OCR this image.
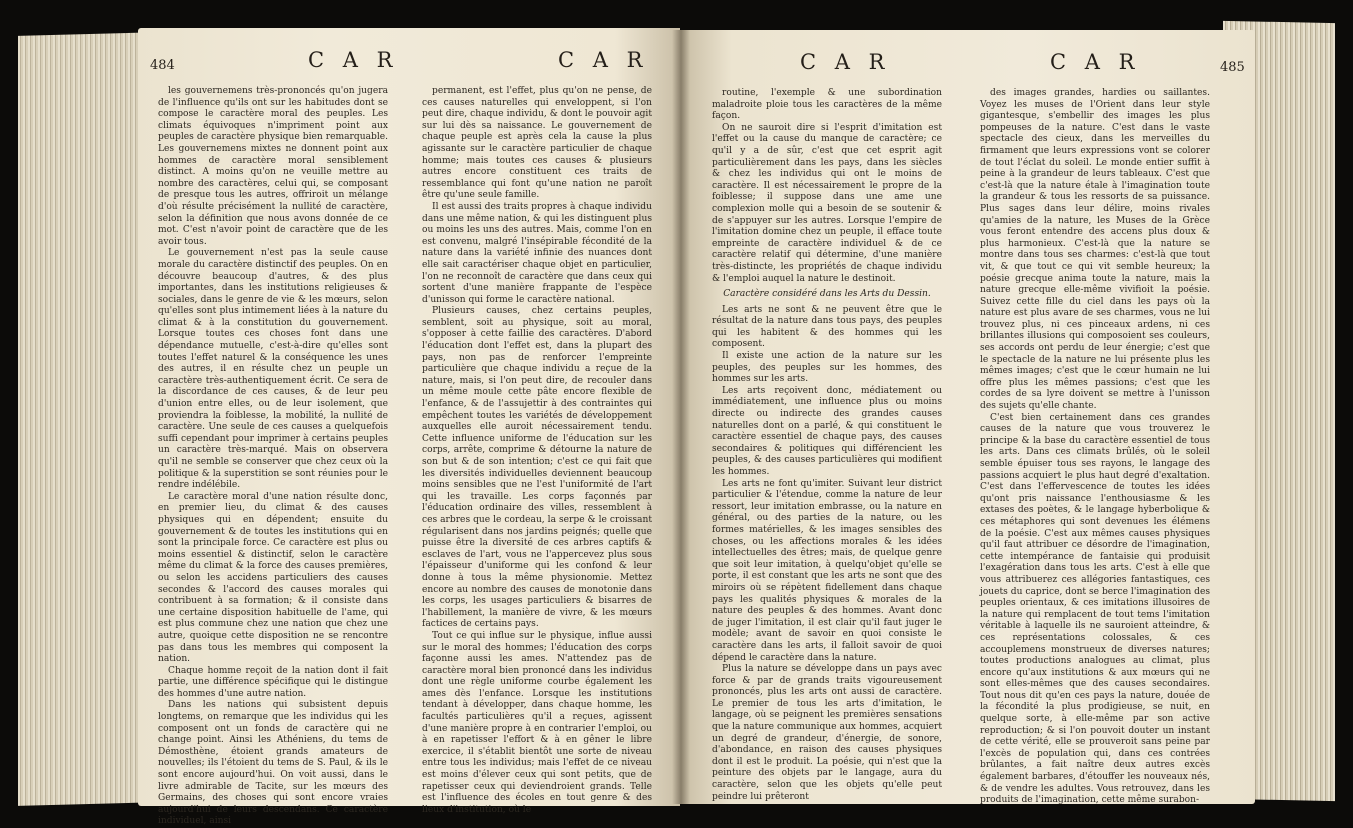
484	C A R	C A R

les gouvernemens très-prononcés qu'on jugera de l'influence qu'ils ont sur les habitudes dont se compose le caractère moral des peuples. Les climats équivoques n'impriment point aux peuples de caractère physique bien remarquable. Les gouvernemens mixtes ne donnent point aux hommes de caractère moral sensiblement distinct. A moins qu'on ne veuille mettre au nombre des caractères, celui qui, se composant de presque tous les autres, offriroit un mélange d'où résulte précisément la nullité de caractère, selon la définition que nous avons donnée de ce mot. C'est n'avoir point de caractère que de les avoir tous.

Le gouvernement n'est pas la seule cause morale du caractère distinctif des peuples. On en découvre beaucoup d'autres, & des plus importantes, dans les institutions religieuses & sociales, dans le genre de vie & les mœurs, selon qu'elles sont plus intimement liées à la nature du climat & à la constitution du gouvernement. Lorsque toutes ces choses font dans une dépendance mutuelle, c'est-à-dire qu'elles sont toutes l'effet naturel & la conséquence les unes des autres, il en résulte chez un peuple un caractère très-authentiquement écrit. Ce sera de la discordance de ces causes, & de leur peu d'union entre elles, ou de leur isolement, que proviendra la foiblesse, la mobilité, la nullité de caractère. Une seule de ces causes a quelquefois suffi cependant pour imprimer à certains peuples un caractère très-marqué. Mais on observera qu'il ne semble se conserver que chez ceux où la politique & la superstition se sont réunies pour le rendre indélébile.

Le caractère moral d'une nation résulte donc, en premier lieu, du climat & des causes physiques qui en dépendent; ensuite du gouvernement & de toutes les institutions qui en sont la principale force. Ce caractère est plus ou moins essentiel & distinctif, selon le caractère même du climat & la force des causes premières, ou selon les accidens particuliers des causes secondes & l'accord des causes morales qui contribuent à sa formation; & il consiste dans une certaine disposition habituelle de l'ame, qui est plus commune chez une nation que chez une autre, quoique cette disposition ne se rencontre pas dans tous les membres qui composent la nation.

Chaque homme reçoit de la nation dont il fait partie, une différence spécifique qui le distingue des hommes d'une autre nation.

Dans les nations qui subsistent depuis longtems, on remarque que les individus qui les composent ont un fonds de caractère qui ne change point. Ainsi les Athéniens, du tems de Démosthène, étoient grands amateurs de nouvelles; ils l'étoient du tems de S. Paul, & ils le sont encore aujourd'hui. On voit aussi, dans le livre admirable de Tacite, sur les mœurs des Germains, des choses qui sont encore vraies aujourd'hui de leurs descendans. Ce caractère individuel, ainsi

permanent, est l'effet, plus qu'on ne pense, de ces causes naturelles qui enveloppent, si l'on peut dire, chaque individu, & dont le pouvoir agit sur lui dès sa naissance. Le gouvernement de chaque peuple est après cela la cause la plus agissante sur le caractère particulier de chaque homme; mais toutes ces causes & plusieurs autres encore constituent ces traits de ressemblance qui font qu'une nation ne paroît être qu'une seule famille.

Il est aussi des traits propres à chaque individu dans une même nation, & qui les distinguent plus ou moins les uns des autres. Mais, comme l'on en est convenu, malgré l'insépirable fécondité de la nature dans la variété infinie des nuances dont elle sait caractériser chaque objet en particulier, l'on ne reconnoît de caractère que dans ceux qui sortent d'une manière frappante de l'espèce d'unisson qui forme le caractère national.

Plusieurs causes, chez certains peuples, semblent, soit au physique, soit au moral, s'opposer à cette faillie des caractères. D'abord l'éducation dont l'effet est, dans la plupart des pays, non pas de renforcer l'empreinte particulière que chaque individu a reçue de la nature, mais, si l'on peut dire, de recouler dans un même moule cette pâte encore flexible de l'enfance, & de l'assujettir à des contraintes qui empêchent toutes les variétés de développement auxquelles elle auroit nécessairement tendu. Cette influence uniforme de l'éducation sur les corps, arrête, comprime & détourne la nature de son but & de son intention; c'est ce qui fait que les diversités individuelles deviennent beaucoup moins sensibles que ne l'est l'uniformité de l'art qui les travaille. Les corps façonnés par l'éducation ordinaire des villes, ressemblent à ces arbres que le cordeau, la serpe & le croissant régularisent dans nos jardins peignés; quelle que puisse être la diversité de ces arbres captifs & esclaves de l'art, vous ne l'appercevez plus sous l'épaisseur d'uniforme qui les confond & leur donne à tous la même physionomie. Mettez encore au nombre des causes de monotonie dans les corps, les usages particuliers & bisarres de l'habillement, la manière de vivre, & les mœurs factices de certains pays.

Tout ce qui influe sur le physique, influe aussi sur le moral des hommes; l'éducation des corps façonne aussi les ames. N'attendez pas de caractère moral bien prononcé dans les individus dont une règle uniforme courbe également les ames dès l'enfance. Lorsque les institutions tendant à développer, dans chaque homme, les facultés particulières qu'il a reçues, agissent d'une manière propre à en contrarier l'emploi, ou à en rapetisser l'effort & à en gêner le libre exercice, il s'établit bientôt une sorte de niveau entre tous les individus; mais l'effet de ce niveau est moins d'élever ceux qui sont petits, que de rapetisser ceux qui deviendroient grands. Telle est l'influence des écoles en tout genre & des lieux d'institution, où le

C A R	C A R	485

routine, l'exemple & une subordination maladroite ploie tous les caractères de la même façon.

On ne sauroit dire si l'esprit d'imitation est l'effet ou la cause du manque de caractère; ce qu'il y a de sûr, c'est que cet esprit agit particulièrement dans les pays, dans les siècles & chez les individus qui ont le moins de caractère. Il est nécessairement le propre de la foiblesse; il suppose dans une ame une complexion molle qui a besoin de se soutenir & de s'appuyer sur les autres. Lorsque l'empire de l'imitation domine chez un peuple, il efface toute empreinte de caractère individuel & de ce caractère relatif qui détermine, d'une manière très-distincte, les propriétés de chaque individu & l'emploi auquel la nature le destinoit.

Caractère considéré dans les Arts du Dessin.

Les arts ne sont & ne peuvent être que le résultat de la nature dans tous pays, des peuples qui les habitent & des hommes qui les composent.

Il existe une action de la nature sur les peuples, des peuples sur les hommes, des hommes sur les arts.

Les arts reçoivent donc, médiatement ou immédiatement, une influence plus ou moins directe ou indirecte des grandes causes naturelles dont on a parlé, & qui constituent le caractère essentiel de chaque pays, des causes secondaires & politiques qui différencient les peuples, & des causes particulières qui modifient les hommes.

Les arts ne font qu'imiter. Suivant leur district particulier & l'étendue, comme la nature de leur ressort, leur imitation embrasse, ou la nature en général, ou des parties de la nature, ou les formes matérielles, & les images sensibles des choses, ou les affections morales & les idées intellectuelles des êtres; mais, de quelque genre que soit leur imitation, à quelqu'objet qu'elle se porte, il est constant que les arts ne sont que des miroirs où se répètent fidellement dans chaque pays les qualités physiques & morales de la nature des peuples & des hommes. Avant donc de juger l'imitation, il est clair qu'il faut juger le modèle; avant de savoir en quoi consiste le caractère dans les arts, il falloit savoir de quoi dépend le caractère dans la nature.

Plus la nature se développe dans un pays avec force & par de grands traits vigoureusement prononcés, plus les arts ont aussi de caractère. Le premier de tous les arts d'imitation, le langage, où se peignent les premières sensations que la nature communique aux hommes, acquiert un degré de grandeur, d'énergie, de sonore, d'abondance, en raison des causes physiques dont il est le produit. La poésie, qui n'est que la peinture des objets par le langage, aura du caractère, selon que les objets qu'elle peut peindre lui prêteront

des images grandes, hardies ou saillantes. Voyez les muses de l'Orient dans leur style gigantesque, s'embellir des images les plus pompeuses de la nature. C'est dans le vaste spectacle des cieux, dans les merveilles du firmament que leurs expressions vont se colorer de tout l'éclat du soleil. Le monde entier suffit à peine à la grandeur de leurs tableaux. C'est que c'est-là que la nature étale à l'imagination toute la grandeur & tous les ressorts de sa puissance. Plus sages dans leur délire, moins rivales qu'amies de la nature, les Muses de la Grèce vous feront entendre des accens plus doux & plus harmonieux. C'est-là que la nature se montre dans tous ses charmes: c'est-là que tout vit, & que tout ce qui vit semble heureux; la poésie grecque anima toute la nature, mais la nature grecque elle-même vivifioit la poésie. Suivez cette fille du ciel dans les pays où la nature est plus avare de ses charmes, vous ne lui trouvez plus, ni ces pinceaux ardens, ni ces brillantes illusions qui composoient ses couleurs, ses accords ont perdu de leur énergie; c'est que le spectacle de la nature ne lui présente plus les mêmes images; c'est que le cœur humain ne lui offre plus les mêmes passions; c'est que les cordes de sa lyre doivent se mettre à l'unisson des sujets qu'elle chante.

C'est bien certainement dans ces grandes causes de la nature que vous trouverez le principe & la base du caractère essentiel de tous les arts. Dans ces climats brûlés, où le soleil semble épuiser tous ses rayons, le langage des passions acquiert le plus haut degré d'exaltation. C'est dans l'effervescence de toutes les idées qu'ont pris naissance l'enthousiasme & les extases des poètes, & le langage hyberbolique & ces métaphores qui sont devenues les élémens de la poésie. C'est aux mêmes causes physiques qu'il faut attribuer ce désordre de l'imagination, cette intempérance de fantaisie qui produisit l'exagération dans tous les arts. C'est à elle que vous attribuerez ces allégories fantastiques, ces jouets du caprice, dont se berce l'imagination des peuples orientaux, & ces imitations illusoires de la nature qui remplacent de tout tems l'imitation véritable à laquelle ils ne sauroient atteindre, & ces représentations colossales, & ces accouplemens monstrueux de diverses natures; toutes productions analogues au climat, plus encore qu'aux institutions & aux mœurs qui ne sont elles-mêmes que des causes secondaires. Tout nous dit qu'en ces pays la nature, douée de la fécondité la plus prodigieuse, se nuit, en quelque sorte, à elle-même par son active reproduction; & si l'on pouvoit douter un instant de cette vérité, elle se prouveroit sans peine par l'excès de population qui, dans ces contrées brûlantes, a fait naître deux autres excès également barbares, d'étouffer les nouveaux nés, & de vendre les adultes. Vous retrouvez, dans les produits de l'imagination, cette même surabon-
